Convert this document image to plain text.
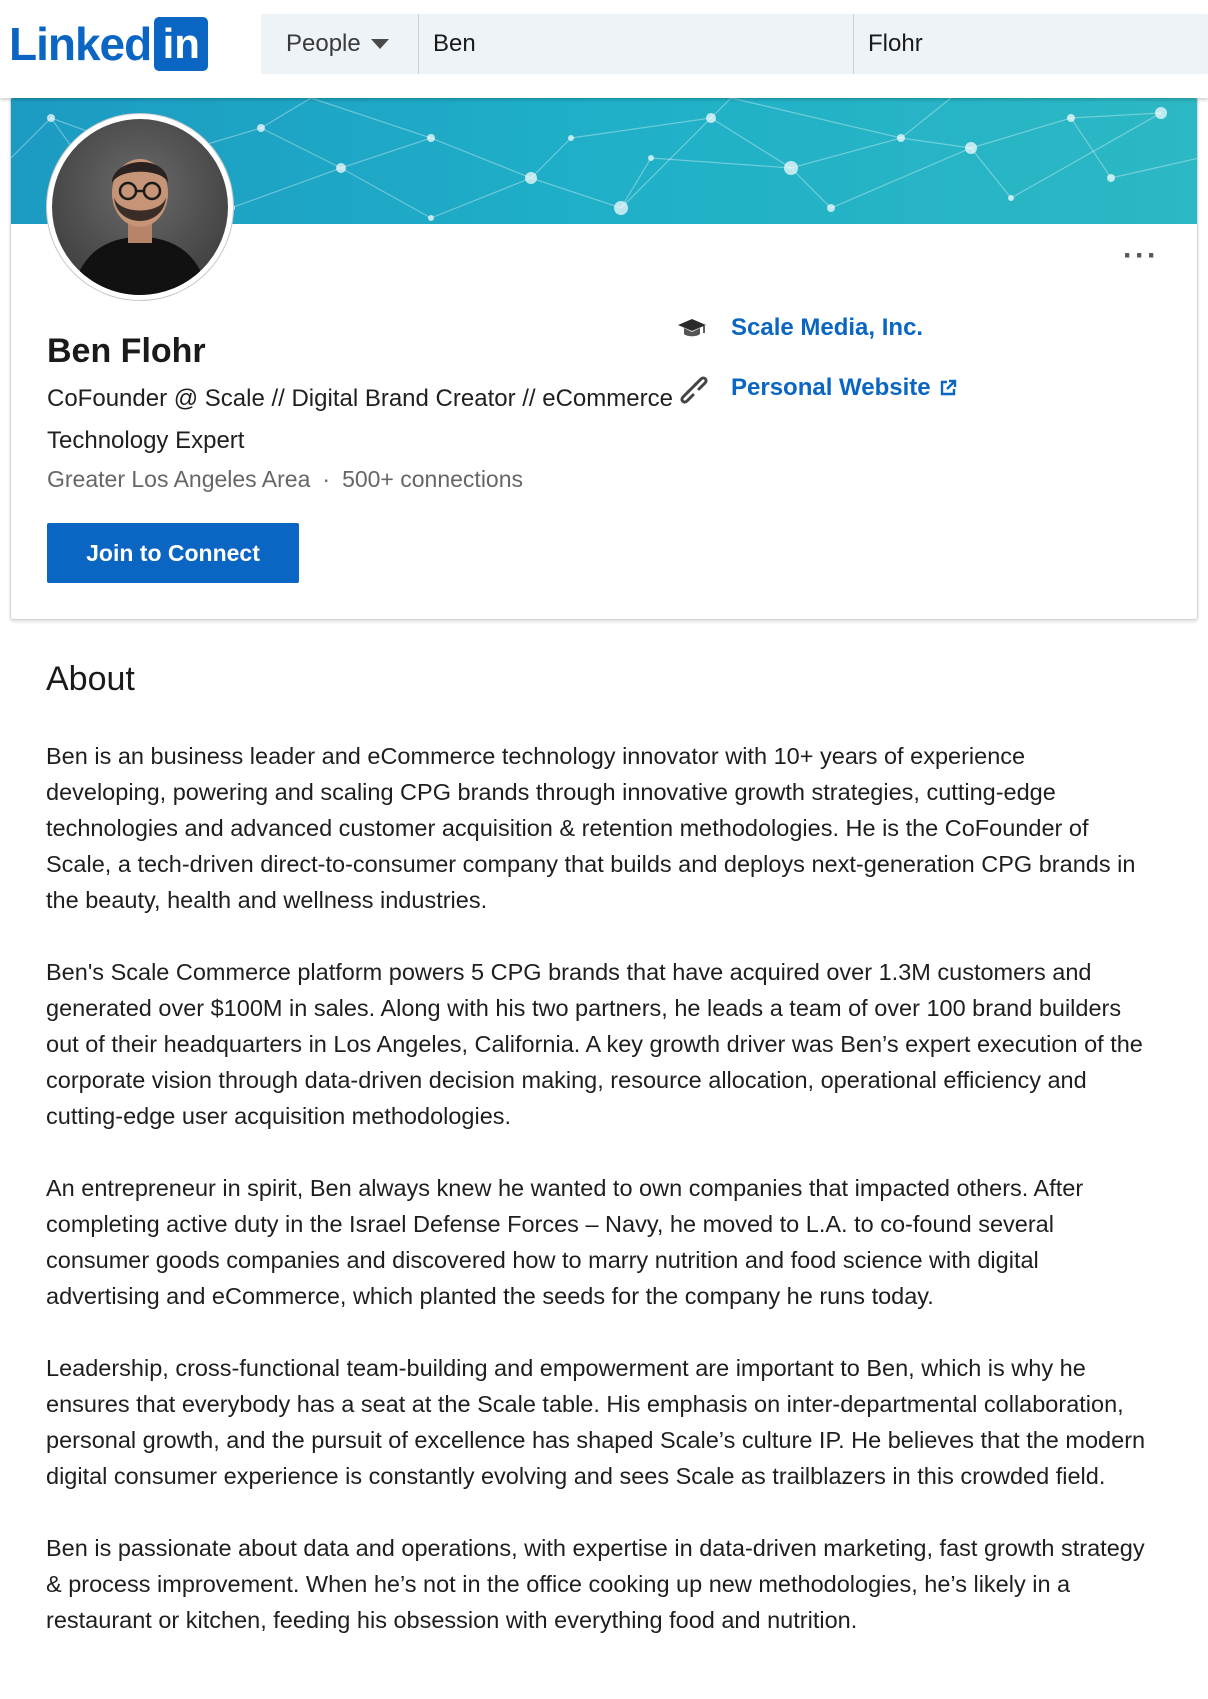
Linked in	People	Ben	Flohr
···
Ben Flohr
CoFounder @ Scale // Digital Brand Creator // eCommerce Technology Expert
Greater Los Angeles Area · 500+ connections
Join to Connect
Scale Media, Inc.
Personal Website
About

Ben is an business leader and eCommerce technology innovator with 10+ years of experience developing, powering and scaling CPG brands through innovative growth strategies, cutting-edge technologies and advanced customer acquisition & retention methodologies. He is the CoFounder of Scale, a tech-driven direct-to-consumer company that builds and deploys next-generation CPG brands in the beauty, health and wellness industries.

Ben's Scale Commerce platform powers 5 CPG brands that have acquired over 1.3M customers and generated over $100M in sales. Along with his two partners, he leads a team of over 100 brand builders out of their headquarters in Los Angeles, California. A key growth driver was Ben’s expert execution of the corporate vision through data-driven decision making, resource allocation, operational efficiency and cutting-edge user acquisition methodologies.

An entrepreneur in spirit, Ben always knew he wanted to own companies that impacted others. After completing active duty in the Israel Defense Forces – Navy, he moved to L.A. to co-found several consumer goods companies and discovered how to marry nutrition and food science with digital advertising and eCommerce, which planted the seeds for the company he runs today.

Leadership, cross-functional team-building and empowerment are important to Ben, which is why he ensures that everybody has a seat at the Scale table. His emphasis on inter-departmental collaboration, personal growth, and the pursuit of excellence has shaped Scale’s culture IP. He believes that the modern digital consumer experience is constantly evolving and sees Scale as trailblazers in this crowded field.

Ben is passionate about data and operations, with expertise in data-driven marketing, fast growth strategy & process improvement. When he’s not in the office cooking up new methodologies, he’s likely in a restaurant or kitchen, feeding his obsession with everything food and nutrition.
